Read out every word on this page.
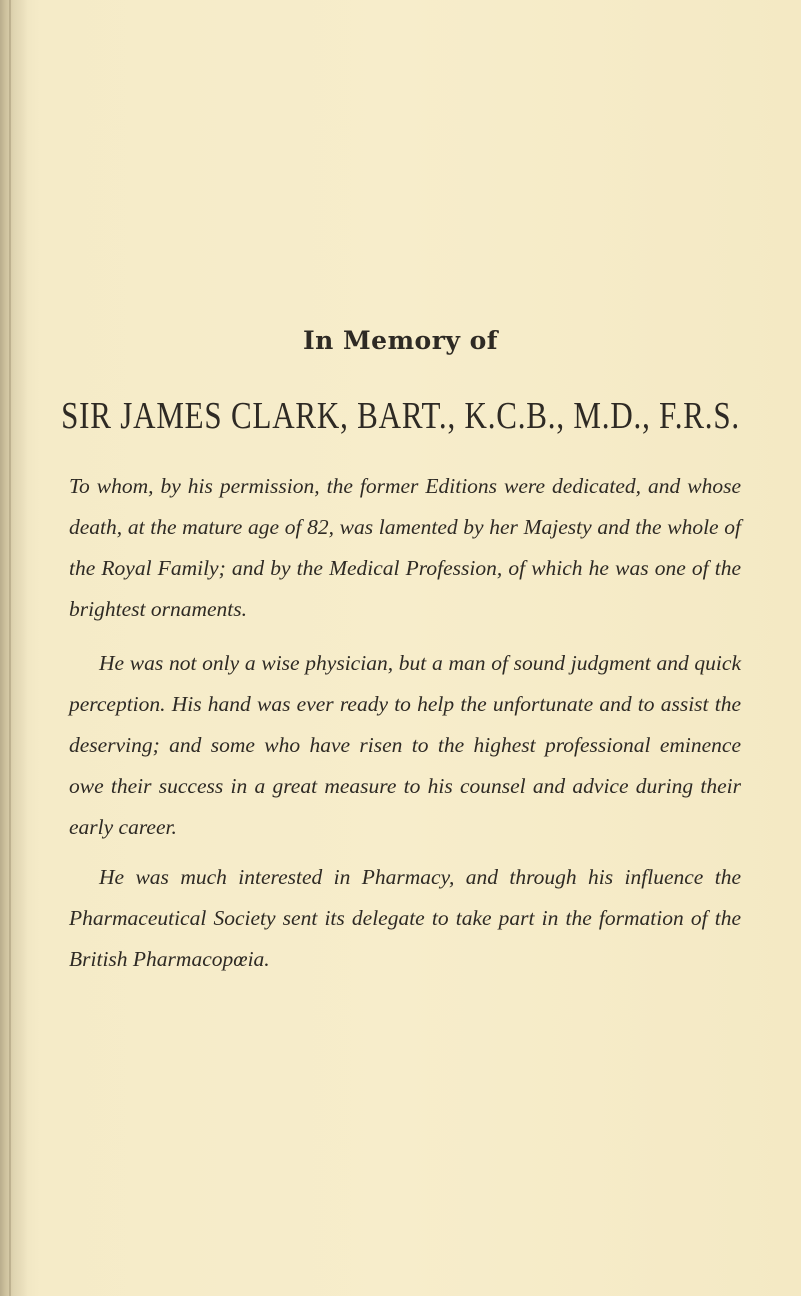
In Memory of
SIR JAMES CLARK, BART., K.C.B., M.D., F.R.S.

To whom, by his permission, the former Editions were dedicated, and whose death, at the mature age of 82, was lamented by her Majesty and the whole of the Royal Family; and by the Medical Profession, of which he was one of the brightest ornaments.

He was not only a wise physician, but a man of sound judgment and quick perception. His hand was ever ready to help the unfortunate and to assist the deserving; and some who have risen to the highest professional eminence owe their success in a great measure to his counsel and advice during their early career.

He was much interested in Pharmacy, and through his influence the Pharmaceutical Society sent its delegate to take part in the formation of the British Pharmacopœia.
